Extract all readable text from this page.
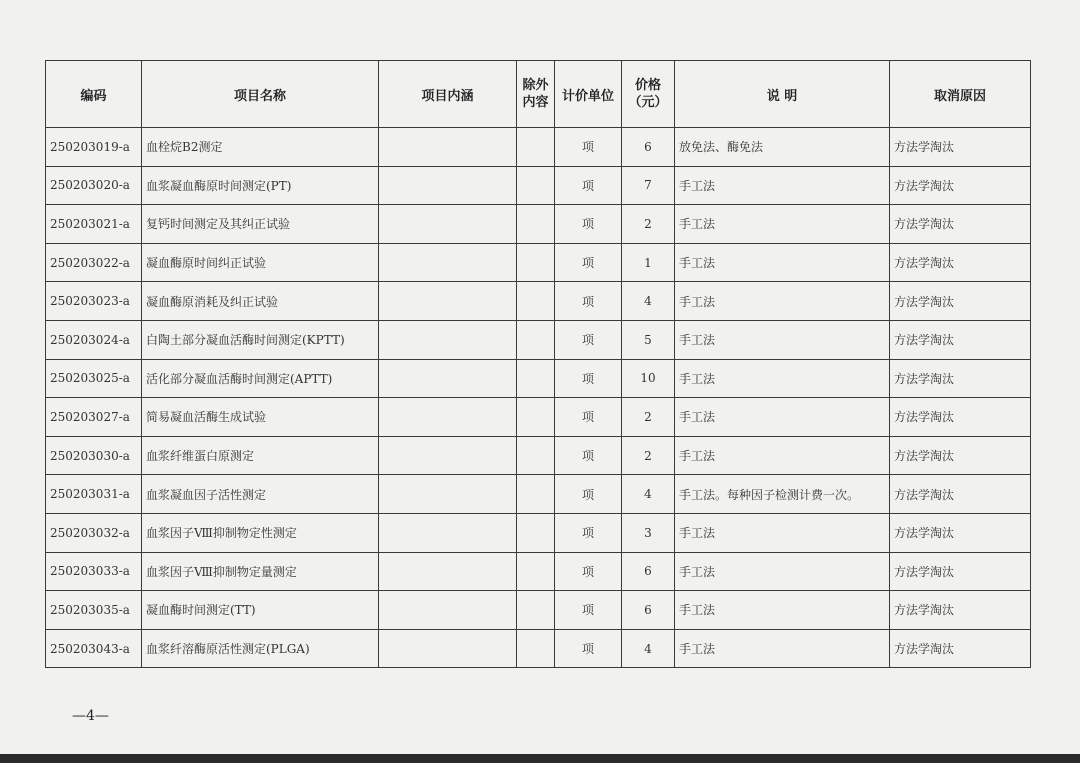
编码	项目名称	项目内涵	除外内容	计价单位	价格（元）	说 明	取消原因
250203019-a	血栓烷B2测定			项	6	放免法、酶免法	方法学淘汰
250203020-a	血浆凝血酶原时间测定(PT)			项	7	手工法	方法学淘汰
250203021-a	复钙时间测定及其纠正试验			项	2	手工法	方法学淘汰
250203022-a	凝血酶原时间纠正试验			项	1	手工法	方法学淘汰
250203023-a	凝血酶原消耗及纠正试验			项	4	手工法	方法学淘汰
250203024-a	白陶土部分凝血活酶时间测定(KPTT)			项	5	手工法	方法学淘汰
250203025-a	活化部分凝血活酶时间测定(APTT)			项	10	手工法	方法学淘汰
250203027-a	简易凝血活酶生成试验			项	2	手工法	方法学淘汰
250203030-a	血浆纤维蛋白原测定			项	2	手工法	方法学淘汰
250203031-a	血浆凝血因子活性测定			项	4	手工法。每种因子检测计费一次。	方法学淘汰
250203032-a	血浆因子Ⅷ抑制物定性测定			项	3	手工法	方法学淘汰
250203033-a	血浆因子Ⅷ抑制物定量测定			项	6	手工法	方法学淘汰
250203035-a	凝血酶时间测定(TT)			项	6	手工法	方法学淘汰
250203043-a	血浆纤溶酶原活性测定(PLGA)			项	4	手工法	方法学淘汰
—4—
